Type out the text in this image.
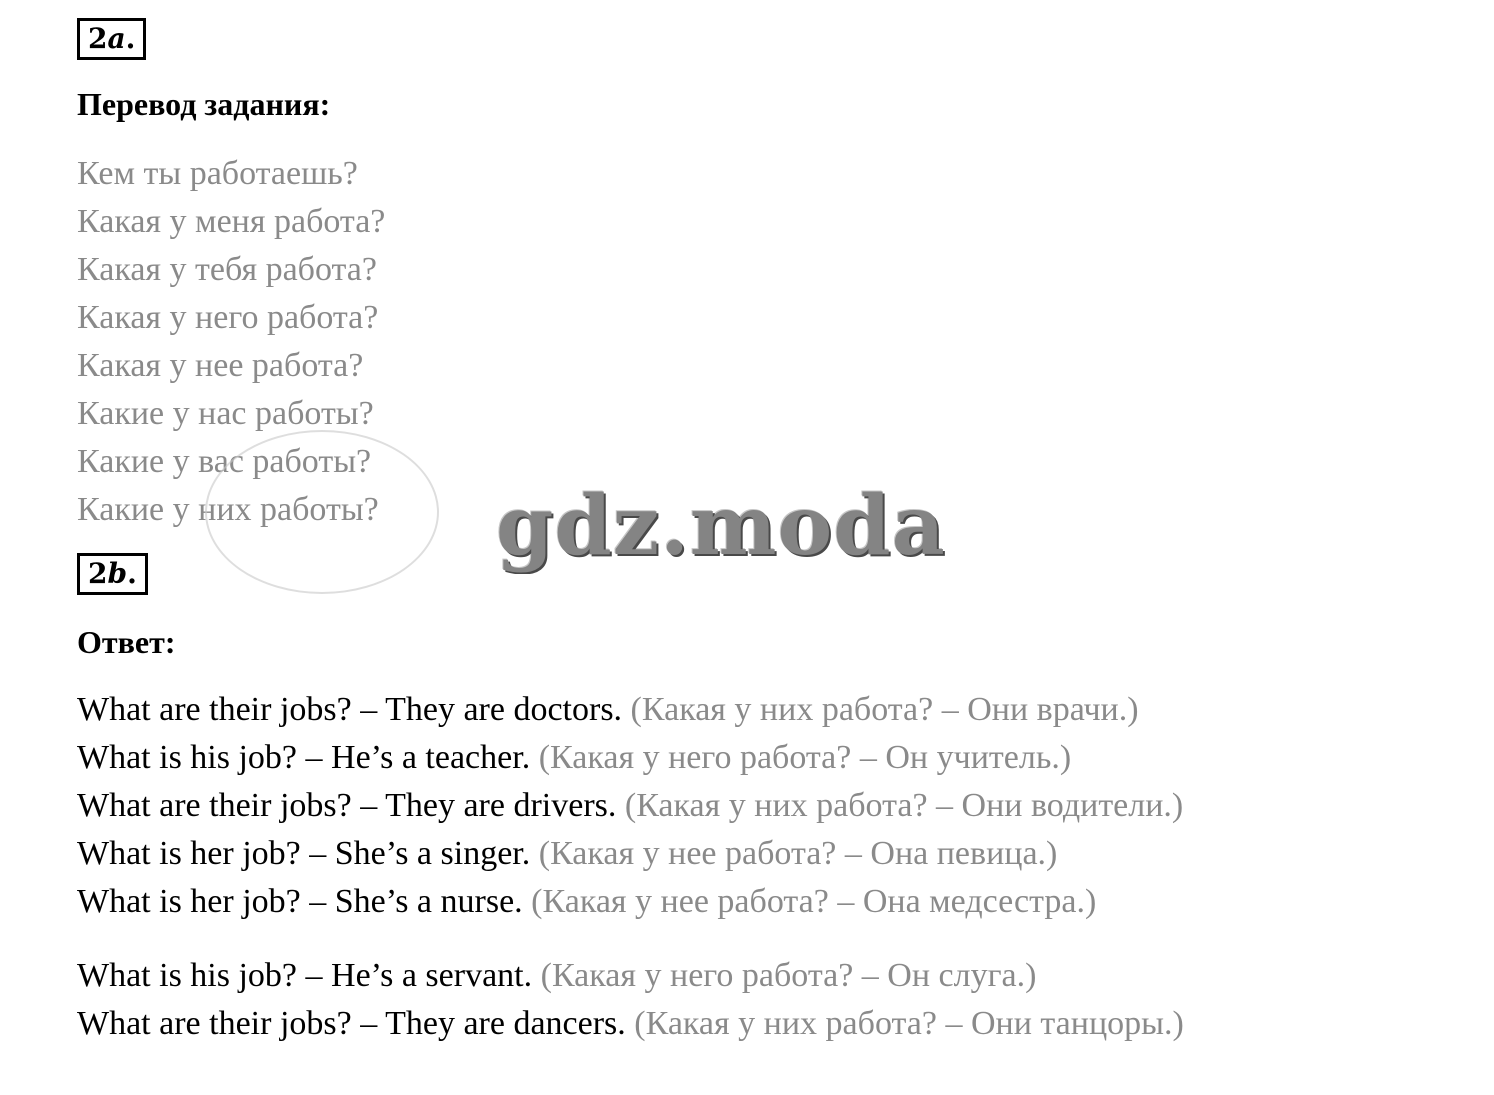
2a.
Перевод задания:
Кем ты работаешь?
Какая у меня работа?
Какая у тебя работа?
Какая у него работа?
Какая у нее работа?
Какие у нас работы?
Какие у вас работы?
Какие у них работы? gdz.moda
2b.
Ответ:
What are their jobs? – They are doctors. (Какая у них работа? – Они врачи.)
What is his job? – He’s a teacher. (Какая у него работа? – Он учитель.)
What are their jobs? – They are drivers. (Какая у них работа? – Они водители.)
What is her job? – She’s a singer. (Какая у нее работа? – Она певица.)
What is her job? – She’s a nurse. (Какая у нее работа? – Она медсестра.)
What is his job? – He’s a servant. (Какая у него работа? – Он слуга.)
What are their jobs? – They are dancers. (Какая у них работа? – Они танцоры.)
